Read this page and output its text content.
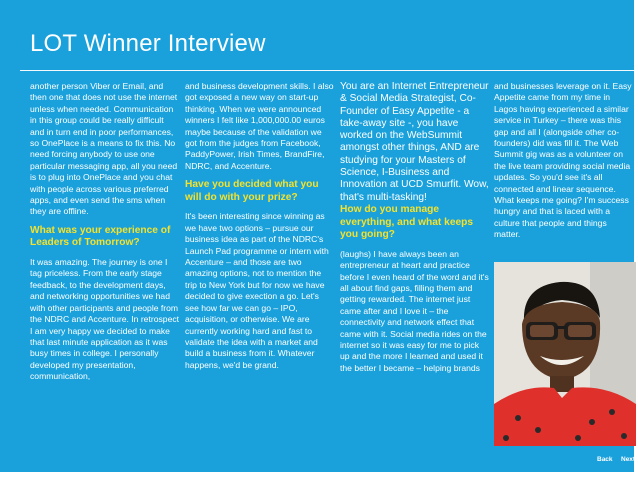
LOT Winner Interview

another person Viber or Email, and then one that does not use the internet unless when needed. Communication in this group could be really difficult and in turn end in poor performances, so OnePlace is a means to fix this. No need forcing anybody to use one particular messaging app, all you need is to plug into OnePlace and you chat with people across various preferred apps, and even send the sms when they are offline.

What was your experience of Leaders of Tomorrow?

It was amazing. The journey is one I tag priceless. From the early stage feedback, to the development days, and networking opportunities we had with other participants and people from the NDRC and Accenture. In retrospect I am very happy we decided to make that last minute application as it was busy times in college. I personally developed my presentation, communication,

and business development skills. I also got exposed a new way on start-up thinking. When we were announced winners I felt like 1,000,000.00 euros maybe because of the validation we got from the judges from Facebook, PaddyPower, Irish Times, BrandFire, NDRC, and Accenture.

Have you decided what you will do with your prize?

It's been interesting since winning as we have two options – pursue our business idea as part of the NDRC's Launch Pad programme or intern with Accenture – and those are two amazing options, not to mention the trip to New York but for now we have decided to give exection a go. Let's see how far we can go – IPO, acquisition, or otherwise. We are currently working hard and fast to validate the idea with a market and build a business from it. Whatever happens, we'd be grand.

You are an Internet Entrepreneur & Social Media Strategist, Co-Founder of Easy Appetite - a take-away site -, you have worked on the WebSummit amongst other things, AND are studying for your Masters of Science, I-Business and Innovation at UCD Smurfit. Wow, that's multi-tasking!

How do you manage everything, and what keeps you going?

(laughs) I have always been an entrepreneur at heart and practice before I even heard of the word and it's all about find gaps, filling them and getting rewarded. The internet just came after and I love it – the connectivity and network effect that came with it. Social media rides on the internet so it was easy for me to pick up and the more I learned and used it the better I became – helping brands

and businesses leverage on it. Easy Appetite came from my time in Lagos having experienced a similar service in Turkey – there was this gap and all I (alongside other co-founders) did was fill it. The Web Summit gig was as a volunteer on the live team providing social media updates. So you'd see it's all connected and linear sequence. What keeps me going? I'm success hungry and that is laced with a culture that people and things matter.

Back Next
